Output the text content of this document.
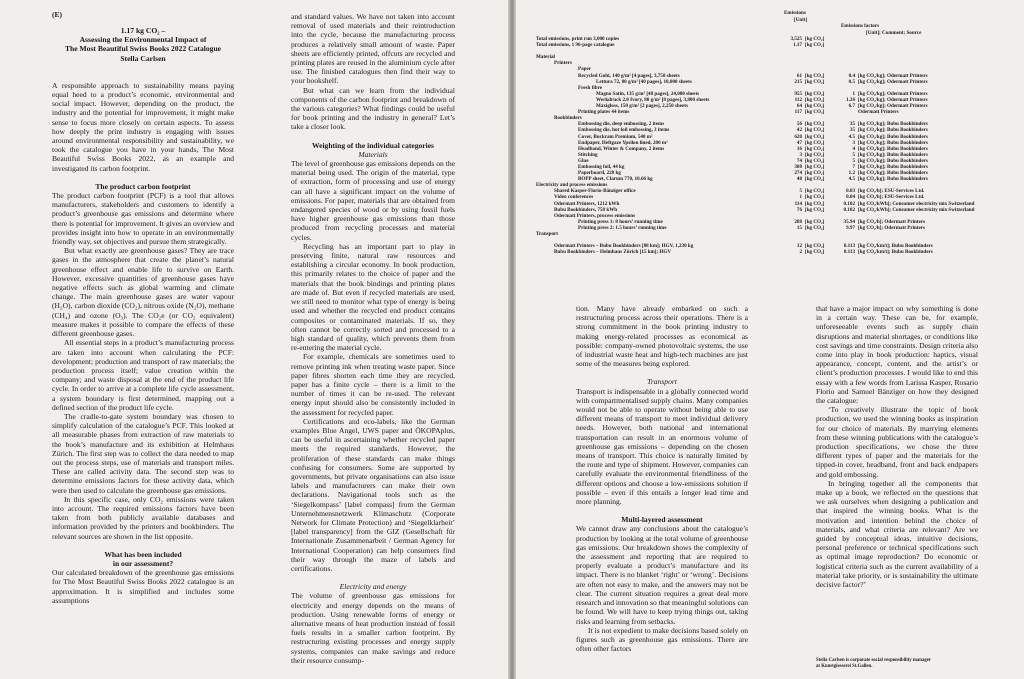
(E)
1.17 kg CO₂ –
Assessing the Environmental Impact of
The Most Beautiful Swiss Books 2022 Catalogue
Stella Carlsen

A responsible approach to sustainability means paying equal heed to a product’s economic, environmental and social impact. However, depending on the product, the industry and the potential for improvement, it might make sense to focus more closely on certain aspects. To assess how deeply the print industry is engaging with issues around environmental responsibility and sustainability, we took the catalogue you have in your hands, The Most Beautiful Swiss Books 2022, as an example and investigated its carbon footprint.

The product carbon footprint

The product carbon footprint (PCF) is a tool that allows manufacturers, stakeholders and customers to identify a product’s greenhouse gas emissions and determine where there is potential for improvement. It gives an overview and provides insight into how to operate in an environmentally friendly way, set objectives and pursue them strategically.

But what exactly are greenhouse gases? They are trace gases in the atmosphere that create the planet’s natural greenhouse effect and enable life to survive on Earth. However, excessive quantities of greenhouse gases have negative effects such as global warming and climate change. The main greenhouse gases are water vapour (H₂O), carbon dioxide (CO₂), nitrous oxide (N₂O), methane (CH₄) and ozone (O₃). The CO₂e (or CO₂ equivalent) measure makes it possible to compare the effects of these different greenhouse gases.

All essential steps in a product’s manufacturing process are taken into account when calculating the PCF: development; production and transport of raw materials; the production process itself; value creation within the company; and waste disposal at the end of the product life cycle. In order to arrive at a complete life cycle assessment, a system boundary is first determined, mapping out a defined section of the product life cycle.

The cradle-to-gate system boundary was chosen to simplify calculation of the catalogue’s PCF. This looked at all measurable phases from extraction of raw materials to the book’s manufacture and its exhibition at Helmhaus Zürich. The first step was to collect the data needed to map out the process steps, use of materials and transport miles. These are called activity data. The second step was to determine emissions factors for these activity data, which were then used to calculate the greenhouse gas emissions.

In this specific case, only CO₂ emissions were taken into account. The required emissions factors have been taken from both publicly available databases and information provided by the printers and bookbinders. The relevant sources are shown in the list opposite.

What has been included
in our assessment?

Our calculated breakdown of the greenhouse gas emissions for The Most Beautiful Swiss Books 2022 catalogue is an approximation. It is simplified and includes some assumptions

and standard values. We have not taken into account removal of used materials and their reintroduction into the cycle, because the manufacturing process produces a relatively small amount of waste. Paper sheets are efficiently printed, offcuts are recycled and printing plates are reused in the aluminium cycle after use. The finished catalogues then find their way to your bookshelf.

But what can we learn from the individual components of the carbon footprint and breakdown of the various categories? What findings could be useful for book printing and the industry in general? Let’s take a closer look.

Weighting of the individual categories

Materials

The level of greenhouse gas emissions depends on the material being used. The origin of the material, type of extraction, form of processing and use of energy can all have a significant impact on the volume of emissions. For paper, materials that are obtained from endangered species of wood or by using fossil fuels have higher greenhouse gas emissions than those produced from recycling processes and material cycles.

Recycling has an important part to play in preserving finite, natural raw resources and establishing a circular economy. In book production, this primarily relates to the choice of paper and the materials that the book bindings and printing plates are made of. But even if recycled materials are used, we still need to monitor what type of energy is being used and whether the recycled end product contains composites or contaminated materials. If so, they often cannot be correctly sorted and processed to a high standard of quality, which prevents them from re-entering the material cycle.

For example, chemicals are sometimes used to remove printing ink when treating waste paper. Since paper fibres shorten each time they are recycled, paper has a finite cycle – there is a limit to the number of times it can be re-used. The relevant energy input should also be consistently included in the assessment for recycled paper.

Certifications and eco-labels, like the German examples Blue Angel, UWS paper and ÖKOPAplus, can be useful in ascertaining whether recycled paper meets the required standards. However, the proliferation of these standards can make things confusing for consumers. Some are supported by governments, but private organisations can also issue labels and manufacturers can make their own declarations. Navigational tools such as the ‘Siegelkompass’ [label compass] from the German Unternehmensnetzwerk Klimaschutz (Corporate Network for Climate Protection) and ‘Siegelklarheit’ [label transparency] from the GIZ (Gesellschaft für Internationale Zusammenarbeit / German Agency for International Cooperation) can help consumers find their way through the maze of labels and certifications.

Electricity and energy

The volume of greenhouse gas emissions for electricity and energy depends on the means of production. Using renewable forms of energy or alternative means of heat production instead of fossil fuels results in a smaller carbon footprint. By restructuring existing processes and energy supply systems, companies can make savings and reduce their resource consump-

Emissions
[Unit]
Emissions factors
[Unit]; Comment; Source
Total emissions, print run 3,000 copies	3,525 [kg CO₂]
Total emissions, 1 96-page catalogue	1.17 [kg CO₂]
Material
Printers
Paper
Recycled Gohi, 140 g/m² [4 pages], 3,750 sheets	61 [kg CO₂]	0.4 [kg CO₂/kg]; Odermatt Printers
Lettura 72, 80 g/m² [40 pages], 18,000 sheets	215 [kg CO₂]	0.5 [kg CO₂/kg]; Odermatt Printers
Fresh fibre
Magno Satin, 135 g/m² [48 pages], 24,000 sheets	955 [kg CO₂]	1 [kg CO₂/kg]; Odermatt Printers
Werkdruck 2.0 Ivory, 80 g/m² [8 pages], 3,800 sheets	112 [kg CO₂]	1.26 [kg CO₂/kg]; Odermatt Printers
Maxigloss, 150 g/m² [2 pages], 2,250 sheets	64 [kg CO₂]	6.7 [kg CO₂/kg]; Odermatt Printers
Printing plates 44 items	117 [kg CO₂]	Odermatt Printers
Bookbinders
Embossing die, deep embossing, 2 items	56 [kg CO₂]	35 [kg CO₂/kg]; Bubu Bookbinders
Embossing die, hot foil embossing, 3 items	42 [kg CO₂]	35 [kg CO₂/kg]; Bubu Bookbinders
Cover, Buckram Premium, 540 m²	620 [kg CO₂]	4.5 [kg CO₂/kg]; Bubu Bookbinders
Endpaper, Heftgaze Ypsilon lined, 200 m²	47 [kg CO₂]	3 [kg CO₂/kg]; Bubu Bookbinders
Headband, Winter & Company, 2 items	16 [kg CO₂]	4 [kg CO₂/kg]; Bubu Bookbinders
Stitching	3 [kg CO₂]	5 [kg CO₂/kg]; Bubu Bookbinders
Glue	74 [kg CO₂]	5 [kg CO₂/kg]; Bubu Bookbinders
Embossing foil, 44 kg	308 [kg CO₂]	7 [kg CO₂/kg]; Bubu Bookbinders
Paperboard, 228 kg	274 [kg CO₂]	1.2 [kg CO₂/kg]; Bubu Bookbinders
BOPP sheet, Clarum 770, 10.66 kg	48 [kg CO₂]	4.5 [kg CO₂/kg]; Bubu Bookbinders
Electricity and process emissions
Shared Kasper-Florio-Bänziger office	5 [kg CO₂]	0.03 [kg CO₂/h]; ESU-Services Ltd.
Video conferences	1 [kg CO₂]	0.04 [kg CO₂/h]; ESU-Services Ltd.
Odermatt Printers, 1212 kWh	114 [kg CO₂]	0.102 [kg CO₂/kWh]; Consumer electricity mix Switzerland
Bubu Bookbinders, 758 kWh	76 [kg CO₂]	0.102 [kg CO₂/kWh]; Consumer electricity mix Switzerland
Odermatt Printers, process emissions
Printing press 1: 8 hours’ running time	288 [kg CO₂]	35.94 [kg CO₂/h]; Odermatt Printers
Printing press 2: 1.5 hours’ running time	15 [kg CO₂]	9.97 [kg CO₂/h]; Odermatt Printers
Transport
Odermatt Printers – Bubu Bookbinders [88 km]; HGV, 1,230 kg	12 [kg CO₂]	0.113 [kg CO₂/km/t]; Bubu Bookbinders
Bubu Bookbinders – Helmhaus Zürich [15 km]; HGV	2 [kg CO₂]	0.113 [kg CO₂/km/t]; Bubu Bookbinders

tion. Many have already embarked on such a restructuring process across their operations. There is a strong commitment in the book printing industry to making energy-related processes as economical as possible: company-owned photovoltaic systems, the use of industrial waste heat and high-tech machines are just some of the measures being explored.

Transport

Transport is indispensable in a globally connected world with compartmentalised supply chains. Many companies would not be able to operate without being able to use different means of transport to meet individual delivery needs. However, both national and international transportation can result in an enormous volume of greenhouse gas emissions – depending on the chosen means of transport. This choice is naturally limited by the route and type of shipment. However, companies can carefully evaluate the environmental friendliness of the different options and choose a low-emissions solution if possible – even if this entails a longer lead time and more planning.

Multi-layered assessment

We cannot draw any conclusions about the catalogue’s production by looking at the total volume of greenhouse gas emissions. Our breakdown shows the complexity of the assessment and reporting that are required to properly evaluate a product’s manufacture and its impact. There is no blanket ‘right’ or ‘wrong’. Decisions are often not easy to make, and the answers may not be clear. The current situation requires a great deal more research and innovation so that meaningful solutions can be found. We will have to keep trying things out, taking risks and learning from setbacks.

It is not expedient to make decisions based solely on figures such as greenhouse gas emissions. There are often other factors

that have a major impact on why something is done in a certain way. These can be, for example, unforeseeable events such as supply chain disruptions and material shortages, or conditions like cost savings and time constraints. Design criteria also come into play in book production: haptics, visual appearance, concept, content, and the artist’s or client’s production processes. I would like to end this essay with a few words from Larissa Kasper, Rosario Florio and Samuel Bänziger on how they designed the catalogue:

‘To creatively illustrate the topic of book production, we used the winning books as inspiration for our choice of materials. By marrying elements from these winning publications with the catalogue’s production specifications, we chose the three different types of paper and the materials for the tipped-in cover, headband, front and back endpapers and gold embossing.

In bringing together all the components that make up a book, we reflected on the questions that we ask ourselves when designing a publication and that inspired the winning books. What is the motivation and intention behind the choice of materials, and what criteria are relevant? Are we guided by conceptual ideas, intuitive decisions, personal preference or technical specifications such as optimal image reproduction? Do economic or logistical criteria such as the current availability of a material take priority, or is sustainability the ultimate decisive factor?’

Stella Carlsen is corporate social responsibility manager
at Kunstgiesserei St.Gallen.
